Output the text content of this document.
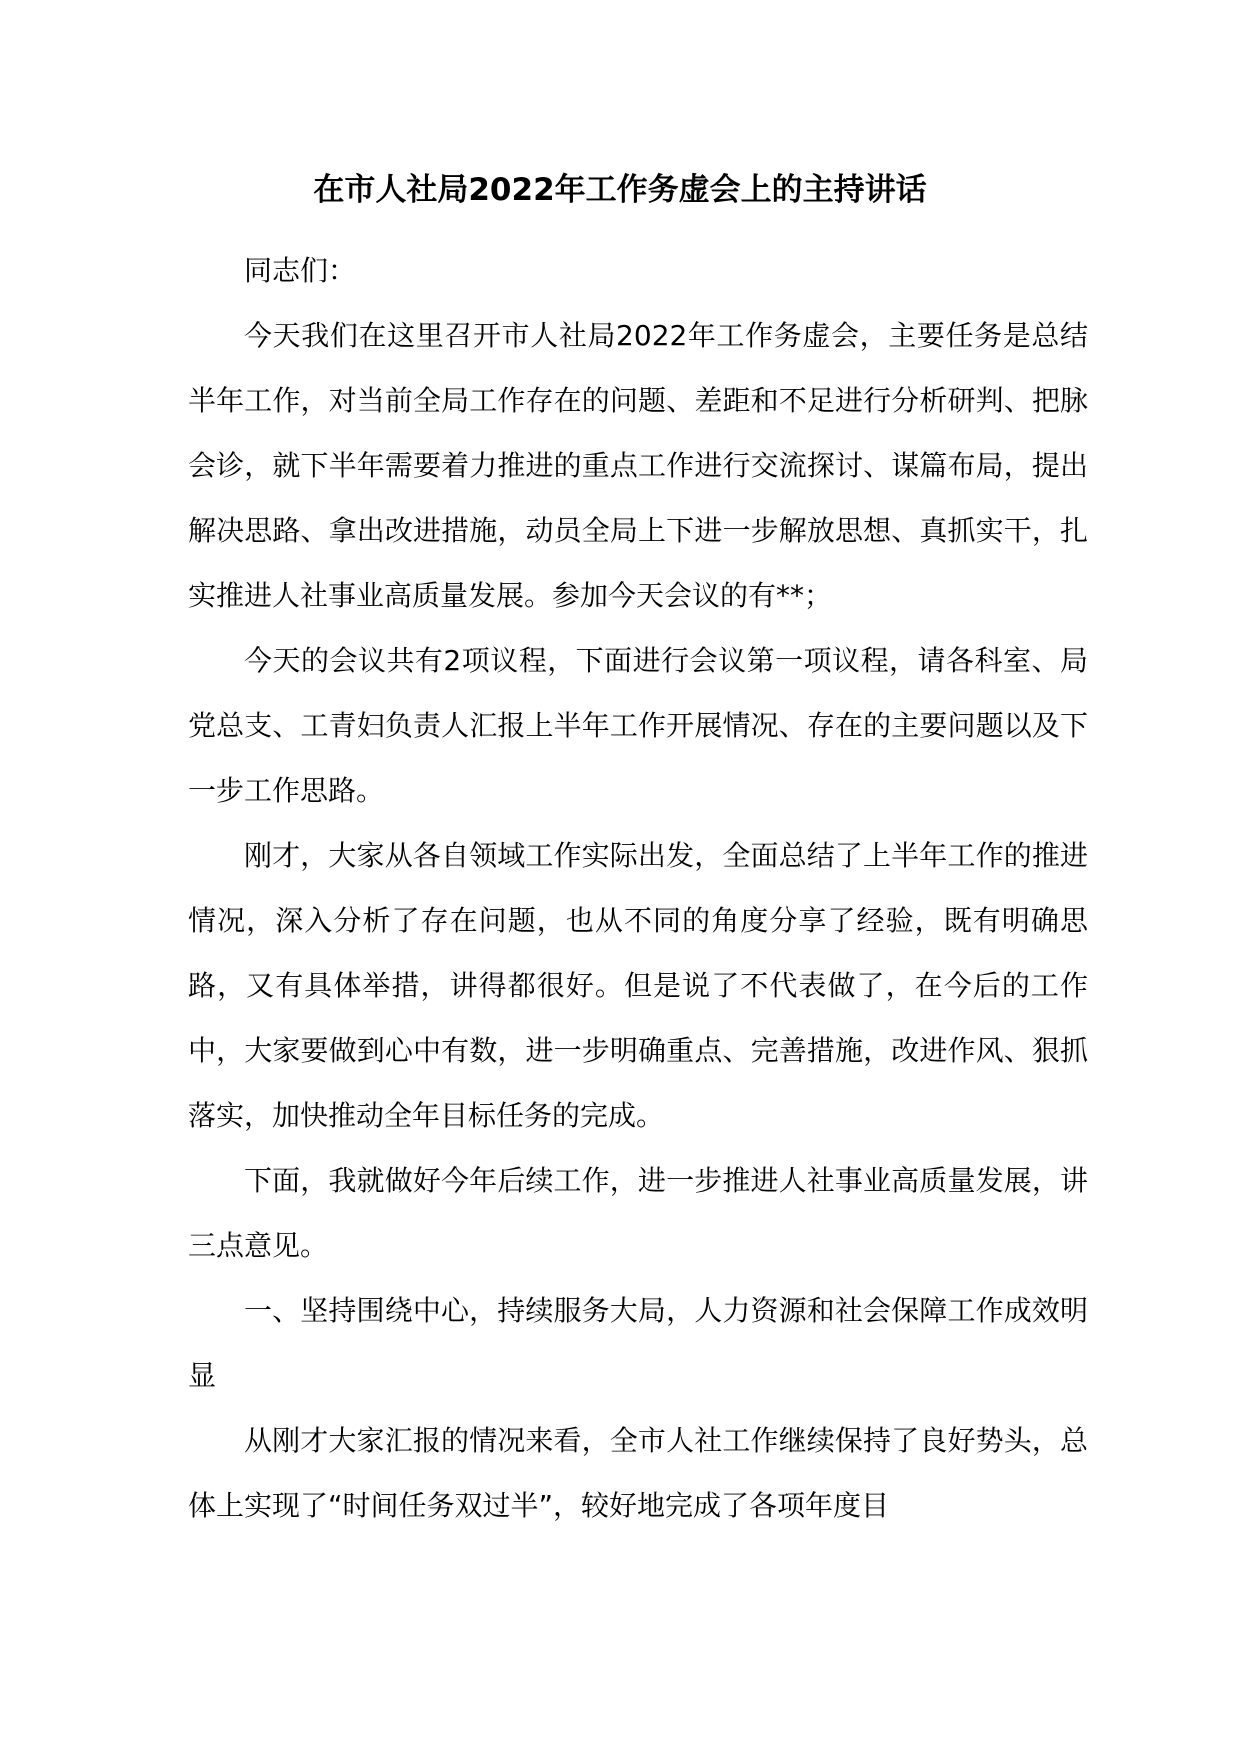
在市人社局2022年工作务虚会上的主持讲话

同志们：

今天我们在这里召开市人社局2022年工作务虚会，主要任务是总结半年工作，对当前全局工作存在的问题、差距和不足进行分析研判、把脉会诊，就下半年需要着力推进的重点工作进行交流探讨、谋篇布局，提出解决思路、拿出改进措施，动员全局上下进一步解放思想、真抓实干，扎实推进人社事业高质量发展。参加今天会议的有**；

今天的会议共有2项议程，下面进行会议第一项议程，请各科室、局党总支、工青妇负责人汇报上半年工作开展情况、存在的主要问题以及下一步工作思路。

刚才，大家从各自领域工作实际出发，全面总结了上半年工作的推进情况，深入分析了存在问题，也从不同的角度分享了经验，既有明确思路，又有具体举措，讲得都很好。但是说了不代表做了，在今后的工作中，大家要做到心中有数，进一步明确重点、完善措施，改进作风、狠抓落实，加快推动全年目标任务的完成。

下面，我就做好今年后续工作，进一步推进人社事业高质量发展，讲三点意见。

一、坚持围绕中心，持续服务大局，人力资源和社会保障工作成效明显

从刚才大家汇报的情况来看，全市人社工作继续保持了良好势头，总体上实现了“时间任务双过半”，较好地完成了各项年度目
